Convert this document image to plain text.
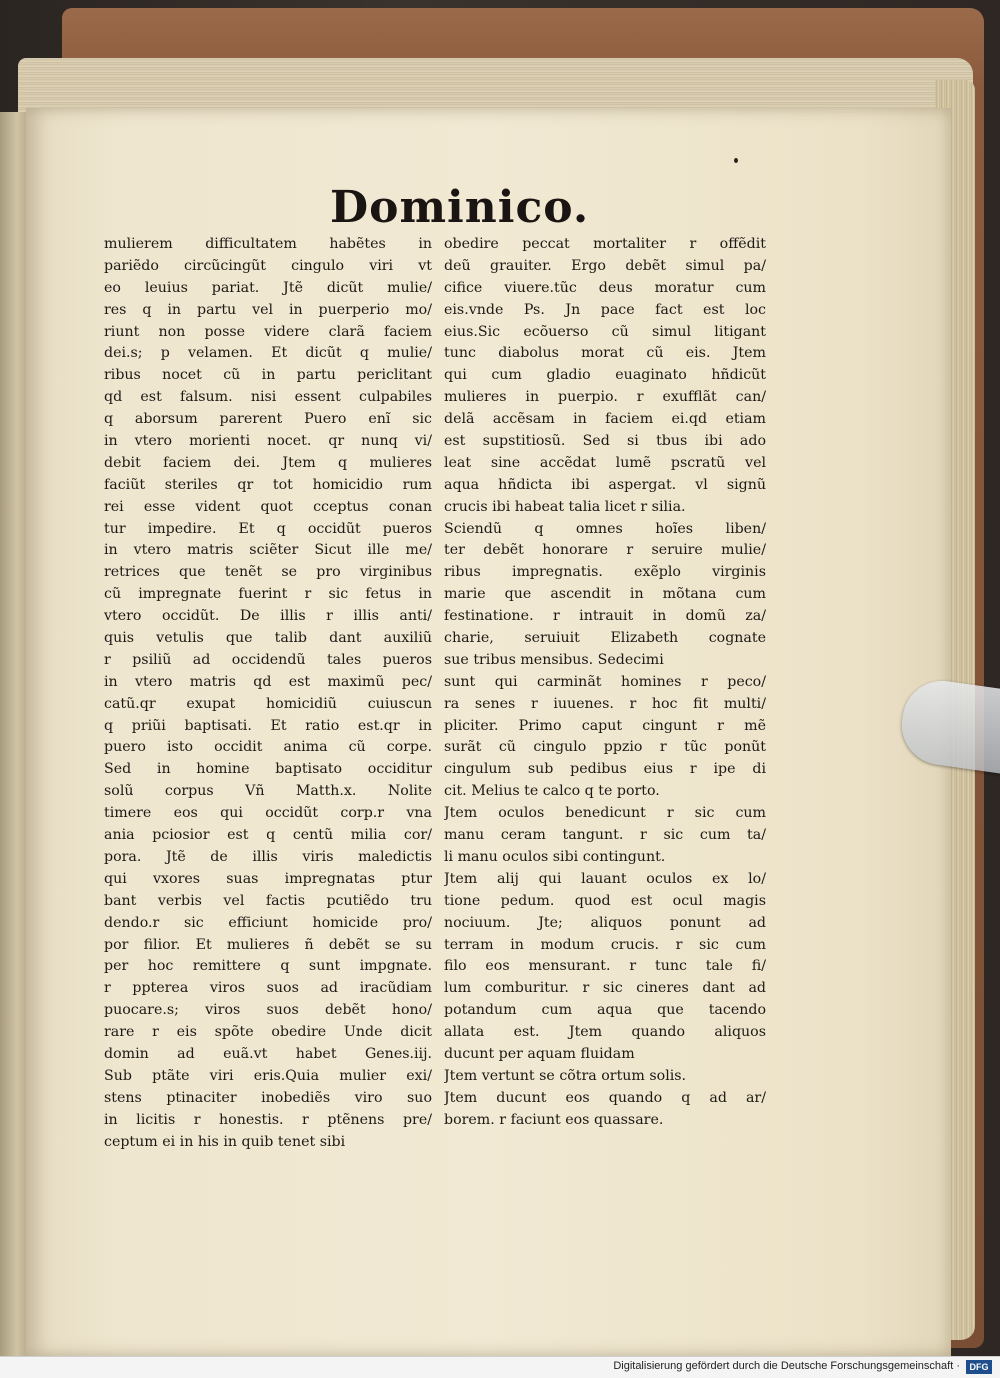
Dominico.
mulierem difficultatem habẽtes in
pariẽdo circũcingũt cingulo viri vt
eo leuius pariat. Jtẽ dicũt mulie/
res q in partu vel in puerperio mo/
riunt non posse videre clarã faciem
dei.s; p velamen. Et dicũt q mulie/
ribus nocet cũ in partu periclitant
qd est falsum. nisi essent culpabiles
q aborsum parerent Puero enĩ sic
in vtero morienti nocet. qr nunq vi/
debit faciem dei. Jtem q mulieres
faciũt steriles qr tot homicidio rum
rei esse vident quot cceptus conan
tur impedire. Et q occidũt pueros
in vtero matris sciẽter Sicut ille me/
retrices que tenẽt se pro virginibus
cũ impregnate fuerint r sic fetus in
vtero occidũt. De illis r illis anti/
quis vetulis que talib dant auxiliũ
r psiliũ ad occidendũ tales pueros
in vtero matris qd est maximũ pec/
catũ.qr exupat homicidiũ cuiuscun
q priũi baptisati. Et ratio est.qr in
puero isto occidit anima cũ corpe.
Sed in homine baptisato occiditur
solũ corpus Vñ Matth.x. Nolite
timere eos qui occidũt corp.r vna
ania pciosior est q centũ milia cor/
pora. Jtẽ de illis viris maledictis
qui vxores suas impregnatas ptur
bant verbis vel factis pcutiẽdo tru
dendo.r sic efficiunt homicide pro/
por filior. Et mulieres ñ debẽt se su
per hoc remittere q sunt impgnate.
r ppterea viros suos ad iracũdiam
puocare.s; viros suos debẽt hono/
rare r eis spõte obedire Unde dicit
domin ad euã.vt habet Genes.iij.
Sub ptãte viri eris.Quia mulier exi/
stens ptinaciter inobediẽs viro suo
in licitis r honestis. r ptẽnens pre/
ceptum ei in his in quib tenet sibi
obedire peccat mortaliter r offẽdit
deũ grauiter. Ergo debẽt simul pa/
cifice viuere.tũc deus moratur cum
eis.vnde Ps. Jn pace fact est loc
eius.Sic ecõuerso cũ simul litigant
tunc diabolus morat cũ eis. Jtem
qui cum gladio euaginato hñdicũt
mulieres in puerpio. r exufflãt can/
delã accẽsam in faciem ei.qd etiam
est supstitiosũ. Sed si tbus ibi ado
leat sine accẽdat lumẽ pscratũ vel
aqua hñdicta ibi aspergat. vl signũ
crucis ibi habeat talia licet r silia.
Sciendũ q omnes hoĩes liben/
ter debẽt honorare r seruire mulie/
ribus impregnatis. exẽplo virginis
marie que ascendit in mõtana cum
festinatione. r intrauit in domũ za/
charie, seruiuit Elizabeth cognate
sue tribus mensibus. Sedecimi
sunt qui carminãt homines r peco/
ra senes r iuuenes. r hoc fit multi/
pliciter. Primo caput cingunt r mẽ
surãt cũ cingulo ppzio r tũc ponũt
cingulum sub pedibus eius r ipe di
cit. Melius te calco q te porto.
Jtem oculos benedicunt r sic cum
manu ceram tangunt. r sic cum ta/
li manu oculos sibi contingunt.
Jtem alij qui lauant oculos ex lo/
tione pedum. quod est ocul magis
nociuum. Jte; aliquos ponunt ad
terram in modum crucis. r sic cum
filo eos mensurant. r tunc tale fi/
lum comburitur. r sic cineres dant ad
potandum cum aqua que tacendo
allata est. Jtem quando aliquos
ducunt per aquam fluidam
Jtem vertunt se cõtra ortum solis.
Jtem ducunt eos quando q ad ar/
borem. r faciunt eos quassare.
Digitalisierung gefördert durch die Deutsche Forschungsgemeinschaft ·	DFG
